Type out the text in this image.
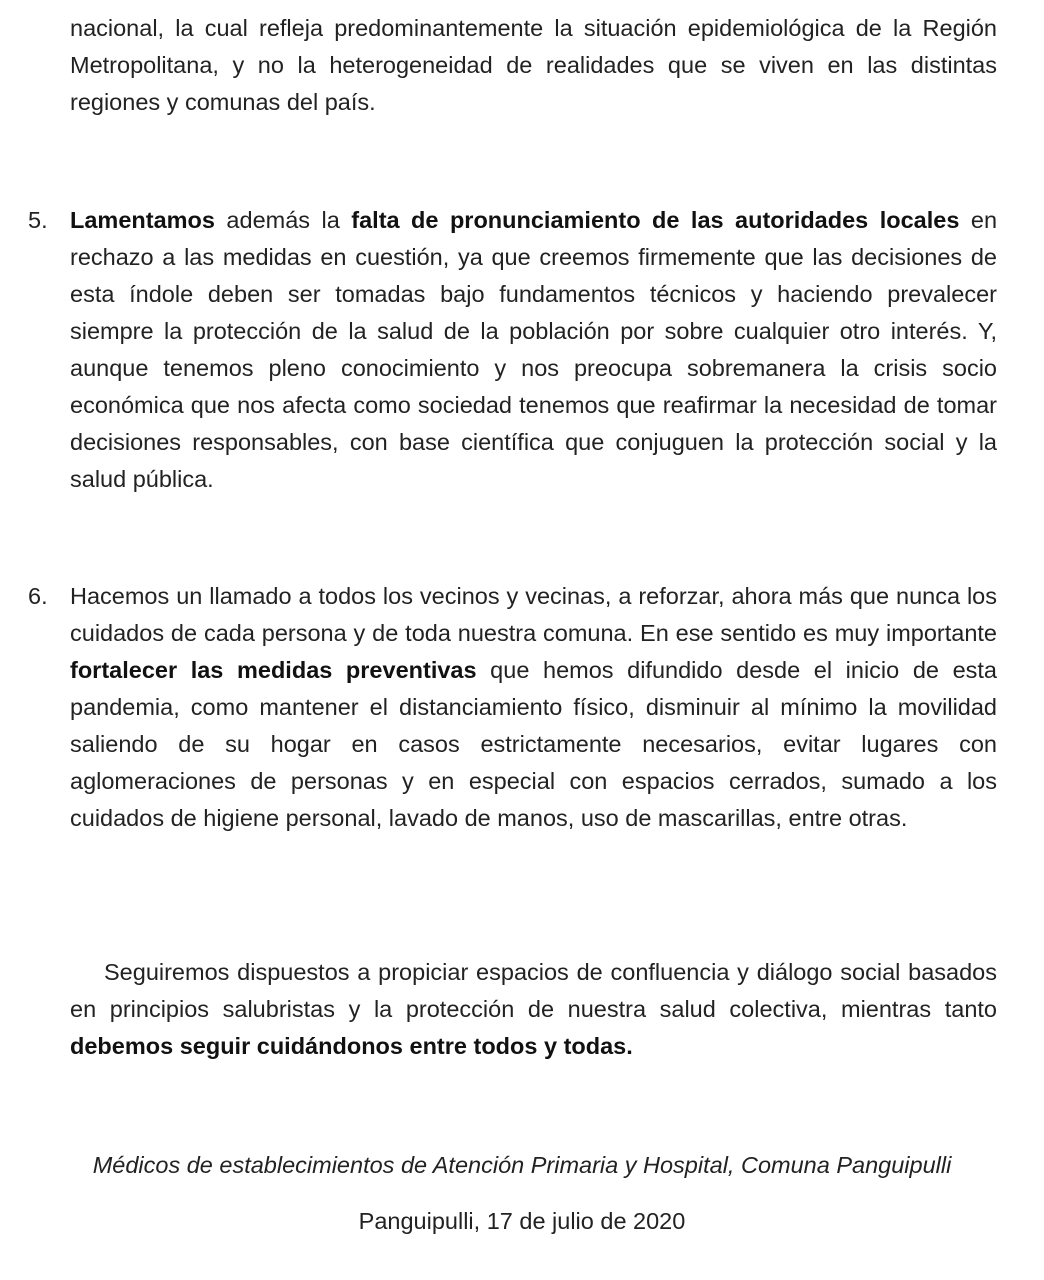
nacional, la cual refleja predominantemente la situación epidemiológica de la Región Metropolitana, y no la heterogeneidad de realidades que se viven en las distintas regiones y comunas del país.

5. Lamentamos además la falta de pronunciamiento de las autoridades locales en rechazo a las medidas en cuestión, ya que creemos firmemente que las decisiones de esta índole deben ser tomadas bajo fundamentos técnicos y haciendo prevalecer siempre la protección de la salud de la población por sobre cualquier otro interés. Y, aunque tenemos pleno conocimiento y nos preocupa sobremanera la crisis socio económica que nos afecta como sociedad tenemos que reafirmar la necesidad de tomar decisiones responsables, con base científica que conjuguen la protección social y la salud pública.
6. Hacemos un llamado a todos los vecinos y vecinas, a reforzar, ahora más que nunca los cuidados de cada persona y de toda nuestra comuna. En ese sentido es muy importante fortalecer las medidas preventivas que hemos difundido desde el inicio de esta pandemia, como mantener el distanciamiento físico, disminuir al mínimo la movilidad saliendo de su hogar en casos estrictamente necesarios, evitar lugares con aglomeraciones de personas y en especial con espacios cerrados, sumado a los cuidados de higiene personal, lavado de manos, uso de mascarillas, entre otras.
Seguiremos dispuestos a propiciar espacios de confluencia y diálogo social basados en principios salubristas y la protección de nuestra salud colectiva, mientras tanto debemos seguir cuidándonos entre todos y todas.
Médicos de establecimientos de Atención Primaria y Hospital, Comuna Panguipulli
Panguipulli, 17 de julio de 2020
